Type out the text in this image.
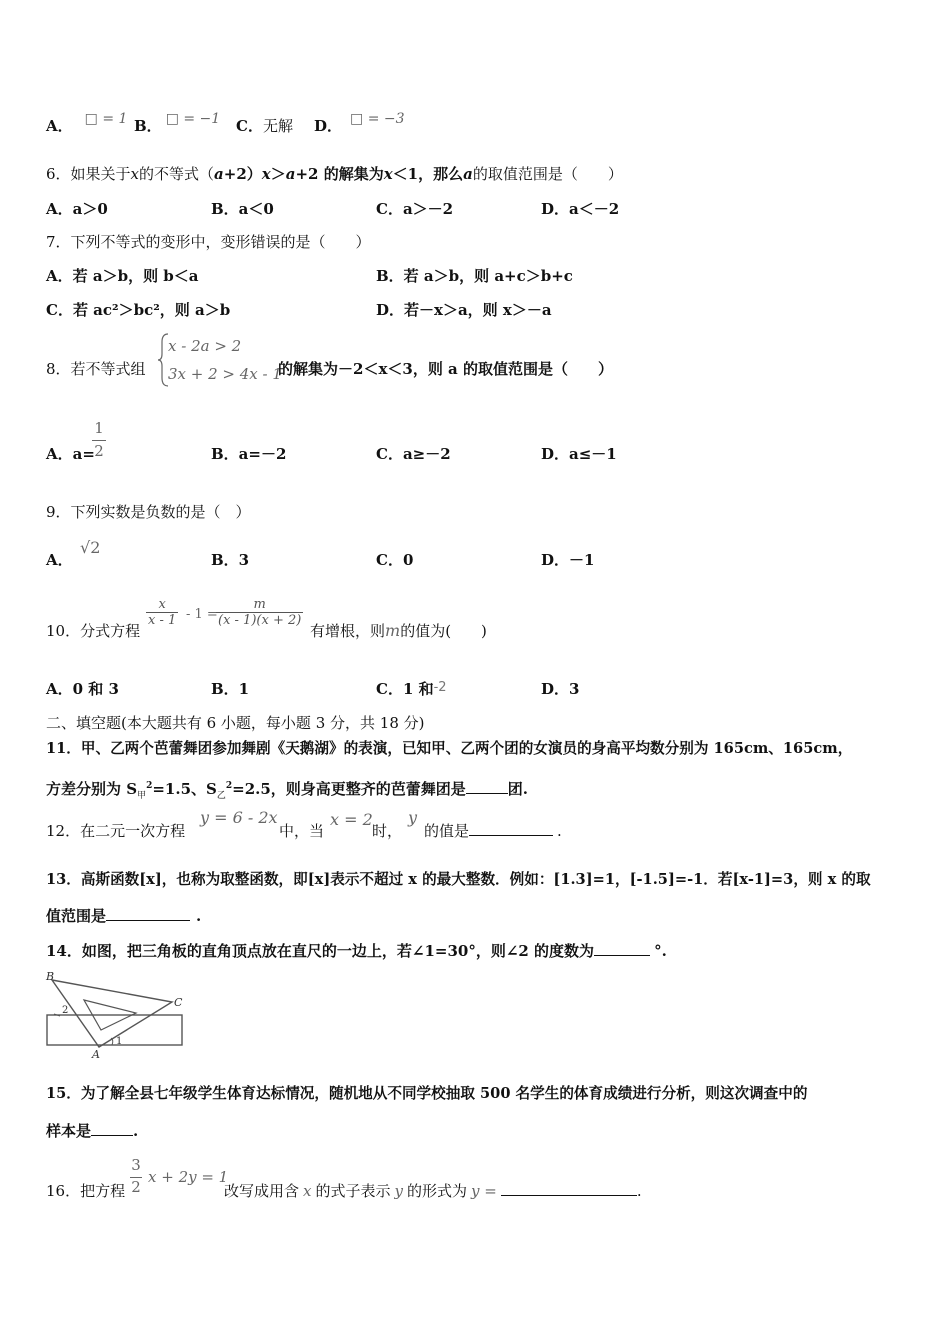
A． □ = 1 B． □ = −1 C．无解 D． □ = −3
6．如果关于x的不等式（a+2）x＞a+2 的解集为x＜1，那么a的取值范围是（　　）
A．a＞0	B．a＜0	C．a＞－2	D．a＜－2
7．下列不等式的变形中，变形错误的是（　　）
A．若 a＞b，则 b＜a	B．若 a＞b，则 a+c＞b+c
C．若 ac²＞bc²，则 a＞b	D．若－x＞a，则 x＞－a
8．若不等式组
x - 2a > 2
3x + 2 > 4x - 1
的解集为－2＜x＜3，则 a 的取值范围是（　　）
A．a=
1
2	B．a=－2	C．a≥－2	D．a≤－1
9．下列实数是负数的是（　）
A．
√2
B．3	C．0	D．－1
10．分式方程
$\frac{x}{x - 1} - 1$ =
$\frac{m}{(x - 1)(x + 2)}$
有增根，则m的值为(　　)
A．0 和 3	B．1	C．1 和-2	D．3
二、填空题(本大题共有 6 小题，每小题 3 分，共 18 分)
11．甲、乙两个芭蕾舞团参加舞剧《天鹅湖》的表演，已知甲、乙两个团的女演员的身高平均数分别为 165cm、165cm，
方差分别为 $S_甲^2=1.5$、$S_乙^2=2.5$，则身高更整齐的芭蕾舞团是	团.
12．在二元一次方程
y = 6 - 2x
中，当
x = 2
时，
y
的值是	.
13．高斯函数[x]，也称为取整函数，即[x]表示不超过 x 的最大整数．例如：[1.3]=1，[-1.5]=-1．若[x-1]=3，则 x 的取
值范围是	.
14．如图，把三角板的直角顶点放在直尺的一边上，若∠1=30°，则∠2 的度数为	°.
B
C
A
1
2
15．为了解全县七年级学生体育达标情况，随机地从不同学校抽取 500 名学生的体育成绩进行分析，则这次调查中的
样本是	.
16．把方程
3
2
x + 2y = 1
改写成用含 x 的式子表示 y 的形式为 y =	.
